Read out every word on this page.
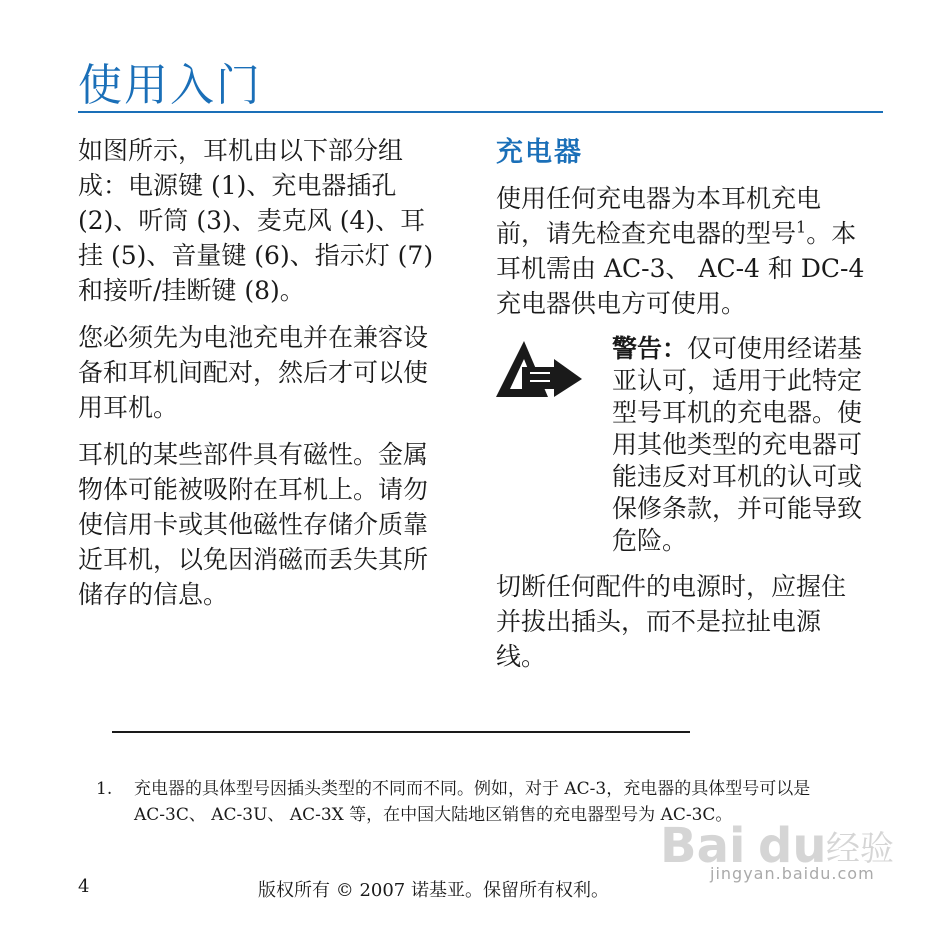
使用入门

如图所示，耳机由以下部分组成：电源键 (1)、充电器插孔 (2)、听筒 (3)、麦克风 (4)、耳挂 (5)、音量键 (6)、指示灯 (7) 和接听/挂断键 (8)。

您必须先为电池充电并在兼容设备和耳机间配对，然后才可以使用耳机。

耳机的某些部件具有磁性。金属物体可能被吸附在耳机上。请勿使信用卡或其他磁性存储介质靠近耳机，以免因消磁而丢失其所储存的信息。

充电器

使用任何充电器为本耳机充电前，请先检查充电器的型号$^1$。本耳机需由 AC-3、 AC-4 和 DC-4 充电器供电方可使用。

警告：仅可使用经诺基亚认可，适用于此特定型号耳机的充电器。使用其他类型的充电器可能违反对耳机的认可或保修条款，并可能导致危险。

切断任何配件的电源时，应握住并拔出插头，而不是拉扯电源线。

1. 充电器的具体型号因插头类型的不同而不同。例如，对于 AC-3，充电器的具体型号可以是 AC-3C、 AC-3U、 AC-3X 等，在中国大陆地区销售的充电器型号为 AC-3C。
4	版权所有 © 2007 诺基亚。保留所有权利。
Bai du 经验
jingyan.baidu.com
